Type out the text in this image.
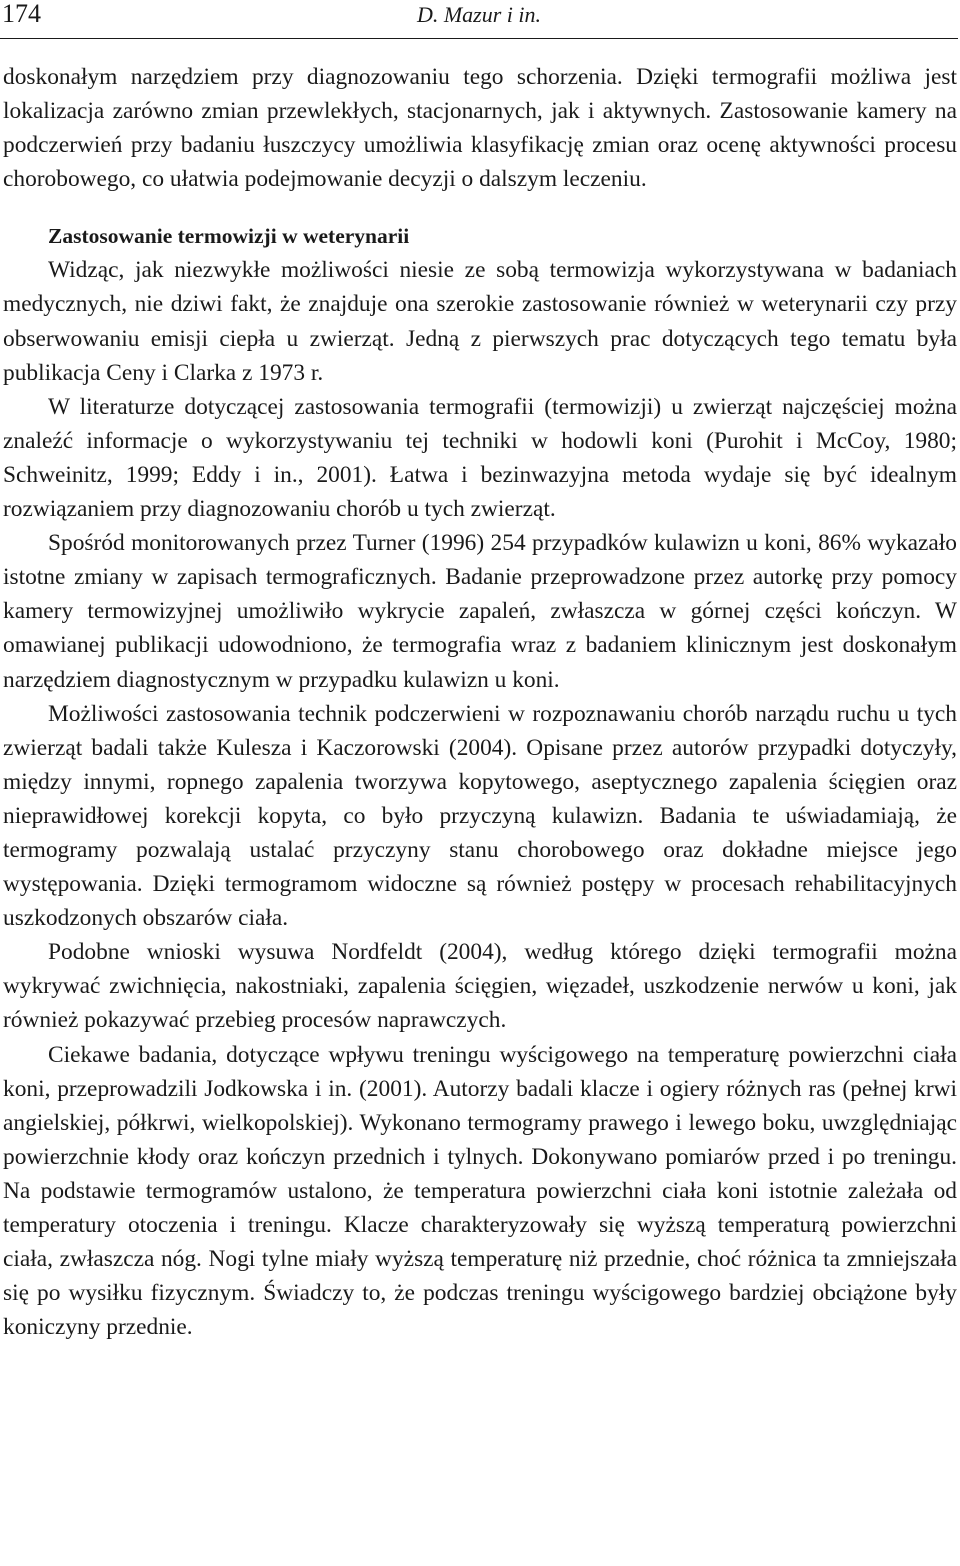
174	D. Mazur i in.

doskonałym narzędziem przy diagnozowaniu tego schorzenia. Dzięki termografii możliwa jest lokalizacja zarówno zmian przewlekłych, stacjonarnych, jak i aktywnych. Zastosowanie kamery na podczerwień przy badaniu łuszczycy umożliwia klasyfikację zmian oraz ocenę aktywności procesu chorobowego, co ułatwia podejmowanie decyzji o dalszym leczeniu.

Zastosowanie termowizji w weterynarii

Widząc, jak niezwykłe możliwości niesie ze sobą termowizja wykorzystywana w badaniach medycznych, nie dziwi fakt, że znajduje ona szerokie zastosowanie również w weterynarii czy przy obserwowaniu emisji ciepła u zwierząt. Jedną z pierwszych prac dotyczących tego tematu była publikacja Ceny i Clarka z 1973 r.

W literaturze dotyczącej zastosowania termografii (termowizji) u zwierząt najczęściej można znaleźć informacje o wykorzystywaniu tej techniki w hodowli koni (Purohit i McCoy, 1980; Schweinitz, 1999; Eddy i in., 2001). Łatwa i bezinwazyjna metoda wydaje się być idealnym rozwiązaniem przy diagnozowaniu chorób u tych zwierząt.

Spośród monitorowanych przez Turner (1996) 254 przypadków kulawizn u koni, 86% wykazało istotne zmiany w zapisach termograficznych. Badanie przeprowadzone przez autorkę przy pomocy kamery termowizyjnej umożliwiło wykrycie zapaleń, zwłaszcza w górnej części kończyn. W omawianej publikacji udowodniono, że termografia wraz z badaniem klinicznym jest doskonałym narzędziem diagnostycznym w przypadku kulawizn u koni.

Możliwości zastosowania technik podczerwieni w rozpoznawaniu chorób narządu ruchu u tych zwierząt badali także Kulesza i Kaczorowski (2004). Opisane przez autorów przypadki dotyczyły, między innymi, ropnego zapalenia tworzywa kopytowego, aseptycznego zapalenia ścięgien oraz nieprawidłowej korekcji kopyta, co było przyczyną kulawizn. Badania te uświadamiają, że termogramy pozwalają ustalać przyczyny stanu chorobowego oraz dokładne miejsce jego występowania. Dzięki termogramom widoczne są również postępy w procesach rehabilitacyjnych uszkodzonych obszarów ciała.

Podobne wnioski wysuwa Nordfeldt (2004), według którego dzięki termografii można wykrywać zwichnięcia, nakostniaki, zapalenia ścięgien, więzadeł, uszkodzenie nerwów u koni, jak również pokazywać przebieg procesów naprawczych.

Ciekawe badania, dotyczące wpływu treningu wyścigowego na temperaturę powierzchni ciała koni, przeprowadzili Jodkowska i in. (2001). Autorzy badali klacze i ogiery różnych ras (pełnej krwi angielskiej, półkrwi, wielkopolskiej). Wykonano termogramy prawego i lewego boku, uwzględniając powierzchnie kłody oraz kończyn przednich i tylnych. Dokonywano pomiarów przed i po treningu. Na podstawie termogramów ustalono, że temperatura powierzchni ciała koni istotnie zależała od temperatury otoczenia i treningu. Klacze charakteryzowały się wyższą temperaturą powierzchni ciała, zwłaszcza nóg. Nogi tylne miały wyższą temperaturę niż przednie, choć różnica ta zmniejszała się po wysiłku fizycznym. Świadczy to, że podczas treningu wyścigowego bardziej obciążone były koniczyny przednie.
